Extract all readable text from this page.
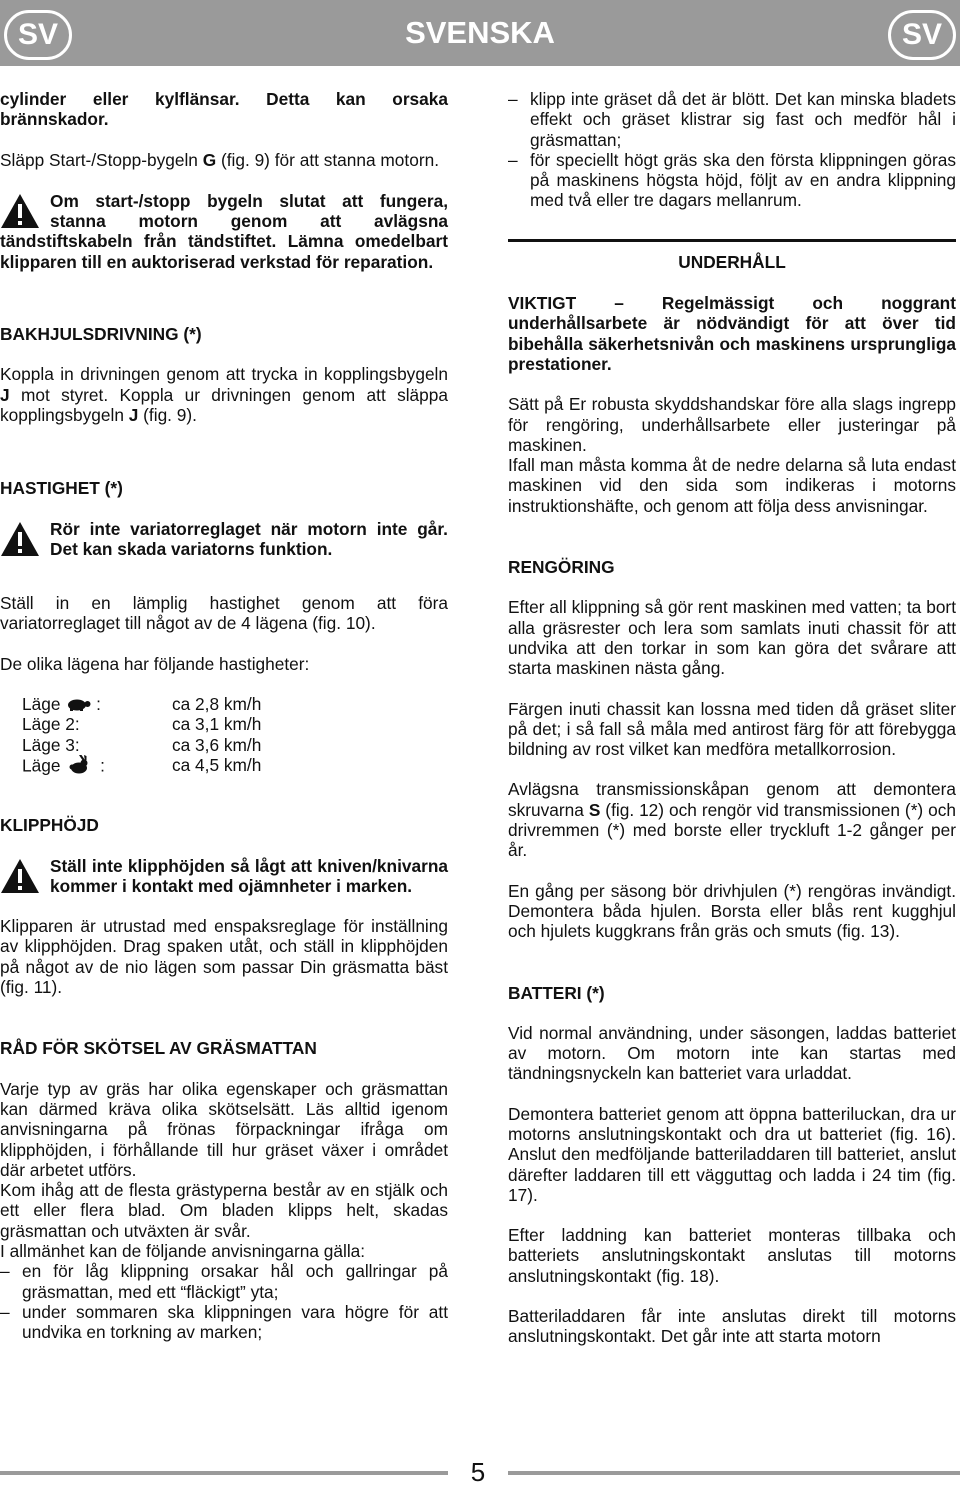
SV	SVENSKA	SV

cylinder eller kylflänsar. Detta kan orsaka brännskador.

Släpp Start-/Stopp-bygeln G (fig. 9) för att stanna motorn.

Om start-/stopp bygeln slutat att fungera, stanna motorn genom att avlägsna tändstiftskabeln från tändstiftet. Lämna omedelbart klipparen till en auktoriserad verkstad för reparation.

BAKHJULSDRIVNING (*)

Koppla in drivningen genom att trycka in kopplingsbygeln J mot styret. Koppla ur drivningen genom att släppa kopplingsbygeln J (fig. 9).

HASTIGHET (*)

Rör inte variatorreglaget när motorn inte går. Det kan skada variatorns funktion.

Ställ in en lämplig hastighet genom att föra variatorreglaget till något av de 4 lägena (fig. 10).

De olika lägena har följande hastigheter:

Läge :	ca 2,8 km/h
Läge 2:	ca 3,1 km/h
Läge 3:	ca 3,6 km/h
Läge :	ca 4,5 km/h

KLIPPHÖJD

Ställ inte klipphöjden så lågt att kniven/knivarna kommer i kontakt med ojämnheter i marken.

Klipparen är utrustad med enspaksreglage för inställning av klipphöjden. Drag spaken utåt, och ställ in klipphöjden på något av de nio lägen som passar Din gräsmatta bäst (fig. 11).

RÅD FÖR SKÖTSEL AV GRÄSMATTAN

Varje typ av gräs har olika egenskaper och gräsmattan kan därmed kräva olika skötselsätt. Läs alltid igenom anvisningarna på frönas förpackningar ifråga om klipphöjden, i förhållande till hur gräset växer i området där arbetet utförs.

Kom ihåg att de flesta grästyperna består av en stjälk och ett eller flera blad. Om bladen klipps helt, skadas gräsmattan och utväxten är svår.

I allmänhet kan de följande anvisningarna gälla:

– en för låg klippning orsakar hål och gallringar på gräsmattan, med ett “fläckigt” yta;
– under sommaren ska klippningen vara högre för att undvika en torkning av marken;
– klipp inte gräset då det är blött. Det kan minska bladets effekt och gräset klistrar sig fast och medför hål i gräsmattan;
– för speciellt högt gräs ska den första klippningen göras på maskinens högsta höjd, följt av en andra klippning med två eller tre dagars mellanrum.

UNDERHÅLL

VIKTIGT – Regelmässigt och noggrant underhållsarbete är nödvändigt för att över tid bibehålla säkerhetsnivån och maskinens ursprungliga prestationer.

Sätt på Er robusta skyddshandskar före alla slags ingrepp för rengöring, underhållsarbete eller justeringar på maskinen.

Ifall man måsta komma åt de nedre delarna så luta endast maskinen vid den sida som indikeras i motorns instruktionshäfte, och genom att följa dess anvisningar.

RENGÖRING

Efter all klippning så gör rent maskinen med vatten; ta bort alla gräsrester och lera som samlats inuti chassit för att undvika att den torkar in som kan göra det svårare att starta maskinen nästa gång.

Färgen inuti chassit kan lossna med tiden då gräset sliter på det; i så fall så måla med antirost färg för att förebygga bildning av rost vilket kan medföra metallkorrosion.

Avlägsna transmissionskåpan genom att demontera skruvarna S (fig. 12) och rengör vid transmissionen (*) och drivremmen (*) med borste eller tryckluft 1-2 gånger per år.

En gång per säsong bör drivhjulen (*) rengöras invändigt. Demontera båda hjulen. Borsta eller blås rent kugghjul och hjulets kuggkrans från gräs och smuts (fig. 13).

BATTERI (*)

Vid normal användning, under säsongen, laddas batteriet av motorn. Om motorn inte kan startas med tändningsnyckeln kan batteriet vara urladdat.

Demontera batteriet genom att öppna batteriluckan, dra ur motorns anslutningskontakt och dra ut batteriet (fig. 16). Anslut den medföljande batteriladdaren till batteriet, anslut därefter laddaren till ett vägguttag och ladda i 24 tim (fig. 17).

Efter laddning kan batteriet monteras tillbaka och batteriets anslutningskontakt anslutas till motorns anslutningskontakt (fig. 18).

Batteriladdaren får inte anslutas direkt till motorns anslutningskontakt. Det går inte att starta motorn

5
